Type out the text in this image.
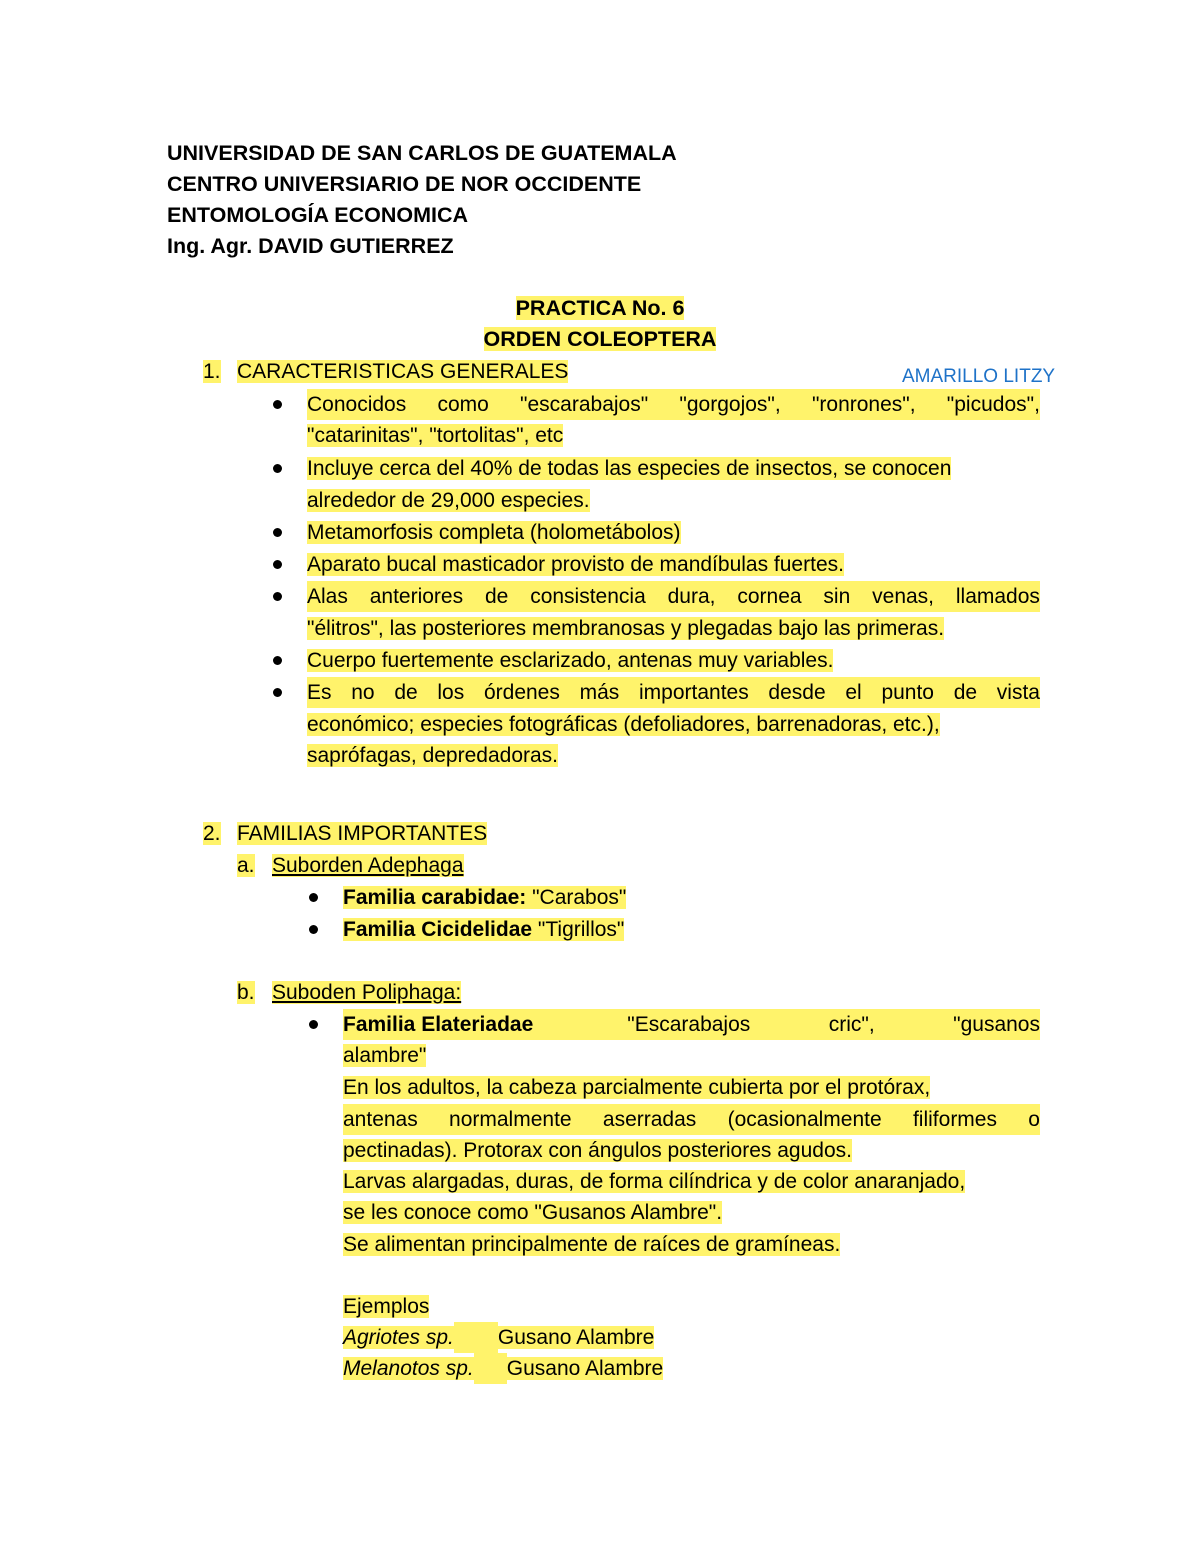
UNIVERSIDAD DE SAN CARLOS DE GUATEMALA
CENTRO UNIVERSIARIO DE NOR OCCIDENTE
ENTOMOLOGÍA ECONOMICA
Ing. Agr. DAVID GUTIERREZ
PRACTICA No. 6
ORDEN COLEOPTERA
AMARILLO LITZY
1. CARACTERISTICAS GENERALES
Conocidos como "escarabajos" "gorgojos", "ronrones", "picudos",
"catarinitas", "tortolitas", etc
Incluye cerca del 40% de todas las especies de insectos, se conocen
alrededor de 29,000 especies.
Metamorfosis completa (holometábolos)
Aparato bucal masticador provisto de mandíbulas fuertes.
Alas anteriores de consistencia dura, cornea sin venas, llamados
"élitros", las posteriores membranosas y plegadas bajo las primeras.
Cuerpo fuertemente esclarizado, antenas muy variables.
Es no de los órdenes más importantes desde el punto de vista
económico; especies fotográficas (defoliadores, barrenadoras, etc.),
saprófagas, depredadoras.
2. FAMILIAS IMPORTANTES
a. Suborden Adephaga
Familia carabidae: "Carabos"
Familia Cicidelidae "Tigrillos"
b. Suboden Poliphaga:
Familia Elateriadae	"Escarabajos	cric",	"gusanos
alambre"
En los adultos, la cabeza parcialmente cubierta por el protórax,
antenas normalmente aserradas (ocasionalmente filiformes o
pectinadas). Protorax con ángulos posteriores agudos.
Larvas alargadas, duras, de forma cilíndrica y de color anaranjado,
se les conoce como "Gusanos Alambre".
Se alimentan principalmente de raíces de gramíneas.
Ejemplos
Agriotes sp. Gusano Alambre
Melanotos sp. Gusano Alambre
